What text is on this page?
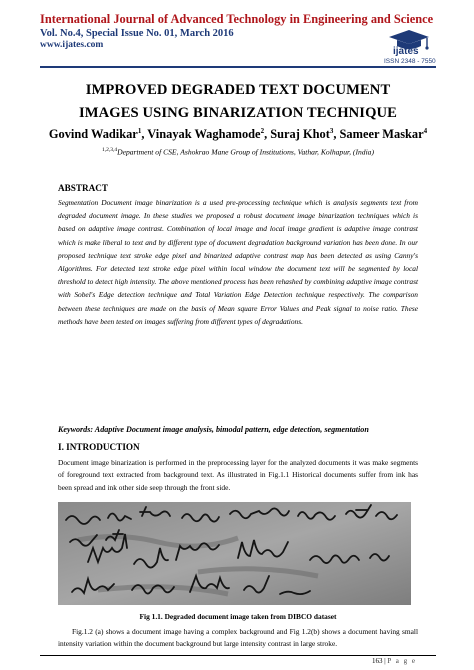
International Journal of Advanced Technology in Engineering and Science
Vol. No.4, Special Issue No. 01, March 2016
www.ijates.com
ijates
ISSN 2348 - 7550
IMPROVED DEGRADED TEXT DOCUMENT
IMAGES USING BINARIZATION TECHNIQUE
Govind Wadikar$^1$, Vinayak Waghamode$^2$, Suraj Khot$^3$, Sameer Maskar$^4$
$^{1,2,3,4}$Department of CSE, Ashokrao Mane Group of Institutions, Vathar, Kolhapur, (India)
ABSTRACT
Segmentation Document image binarization is a used pre-processing technique which is analysis segments text from degraded document image. In these studies we proposed a robust document image binarization techniques which is based on adaptive image contrast. Combination of local image and local image gradient is adaptive image contrast which is make liberal to text and by different type of document degradation background variation has been done. In our proposed technique text stroke edge pixel and binarized adaptive contrast map has been detected as using Canny's Algorithms. For detected text stroke edge pixel within local window the document text will be segmented by local threshold to detect high intensity. The above mentioned process has been rehashed by combining adaptive image contrast with Sobel's Edge detection technique and Total Variation Edge Detection technique respectively. The comparison between these techniques are made on the basis of Mean square Error Values and Peak signal to noise ratio. These methods have been tested on images suffering from different types of degradations.
Keywords: Adaptive Document image analysis, bimodal pattern, edge detection, segmentation
I. INTRODUCTION
Document image binarization is performed in the preprocessing layer for the analyzed documents it was make segments of foreground text extracted from background text. As illustrated in Fig.1.1 Historical documents suffer from ink has been spread and ink other side seep through the front side.
Fig 1.1. Degraded document image taken from DIBCO dataset
Fig.1.2 (a) shows a document image having a complex background and Fig 1.2(b) shows a document having small intensity variation within the document background but large intensity contrast in large stroke.
163 | P a g e
